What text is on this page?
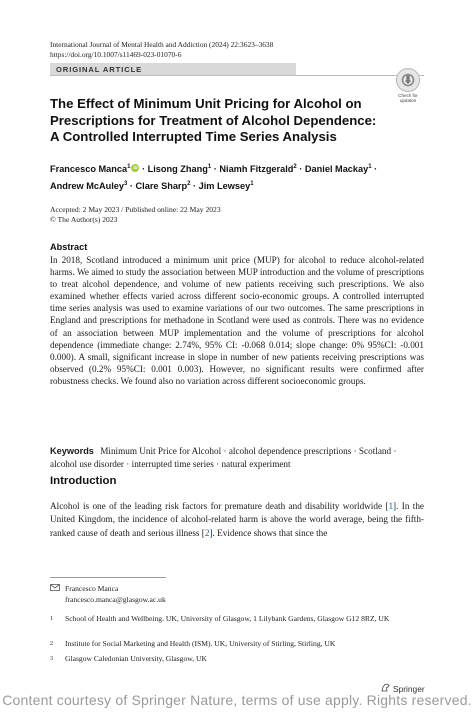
International Journal of Mental Health and Addiction (2024) 22:3623–3638
https://doi.org/10.1007/s11469-023-01070-6
ORIGINAL ARTICLE
Check for
updates
The Effect of Minimum Unit Pricing for Alcohol on Prescriptions for Treatment of Alcohol Dependence: A Controlled Interrupted Time Series Analysis
Francesco Manca$^1$iD · Lisong Zhang$^1$ · Niamh Fitzgerald$^2$ · Daniel Mackay$^1$ ·
Andrew McAuley$^3$ · Clare Sharp$^2$ · Jim Lewsey$^1$
Accepted: 2 May 2023 / Published online: 22 May 2023
© The Author(s) 2023
Abstract
In 2018, Scotland introduced a minimum unit price (MUP) for alcohol to reduce alcohol-related harms. We aimed to study the association between MUP introduction and the volume of prescriptions to treat alcohol dependence, and volume of new patients receiving such prescriptions. We also examined whether effects varied across different socio-economic groups. A controlled interrupted time series analysis was used to examine variations of our two outcomes. The same prescriptions in England and prescriptions for methadone in Scotland were used as controls. There was no evidence of an association between MUP implementation and the volume of prescriptions for alcohol dependence (immediate change: 2.74%, 95% CI: -0.068 0.014; slope change: 0% 95%CI: -0.001 0.000). A small, significant increase in slope in number of new patients receiving prescriptions was observed (0.2% 95%CI: 0.001 0.003). However, no significant results were confirmed after robustness checks. We found also no variation across different socioeconomic groups.
Keywords Minimum Unit Price for Alcohol · alcohol dependence prescriptions · Scotland · alcohol use disorder · interrupted time series · natural experiment
Introduction
Alcohol is one of the leading risk factors for premature death and disability worldwide [1]. In the United Kingdom, the incidence of alcohol-related harm is above the world average, being the fifth-ranked cause of death and serious illness [2]. Evidence shows that since the
Francesco Manca
francesco.manca@glasgow.ac.uk
1 School of Health and Wellbeing. UK, University of Glasgow, 1 Lilybank Gardens, Glasgow G12 8RZ, UK
2 Institute for Social Marketing and Health (ISM). UK, University of Stirling, Stirling, UK
3 Glasgow Caledonian University, Glasgow, UK
Springer
Content courtesy of Springer Nature, terms of use apply. Rights reserved.
